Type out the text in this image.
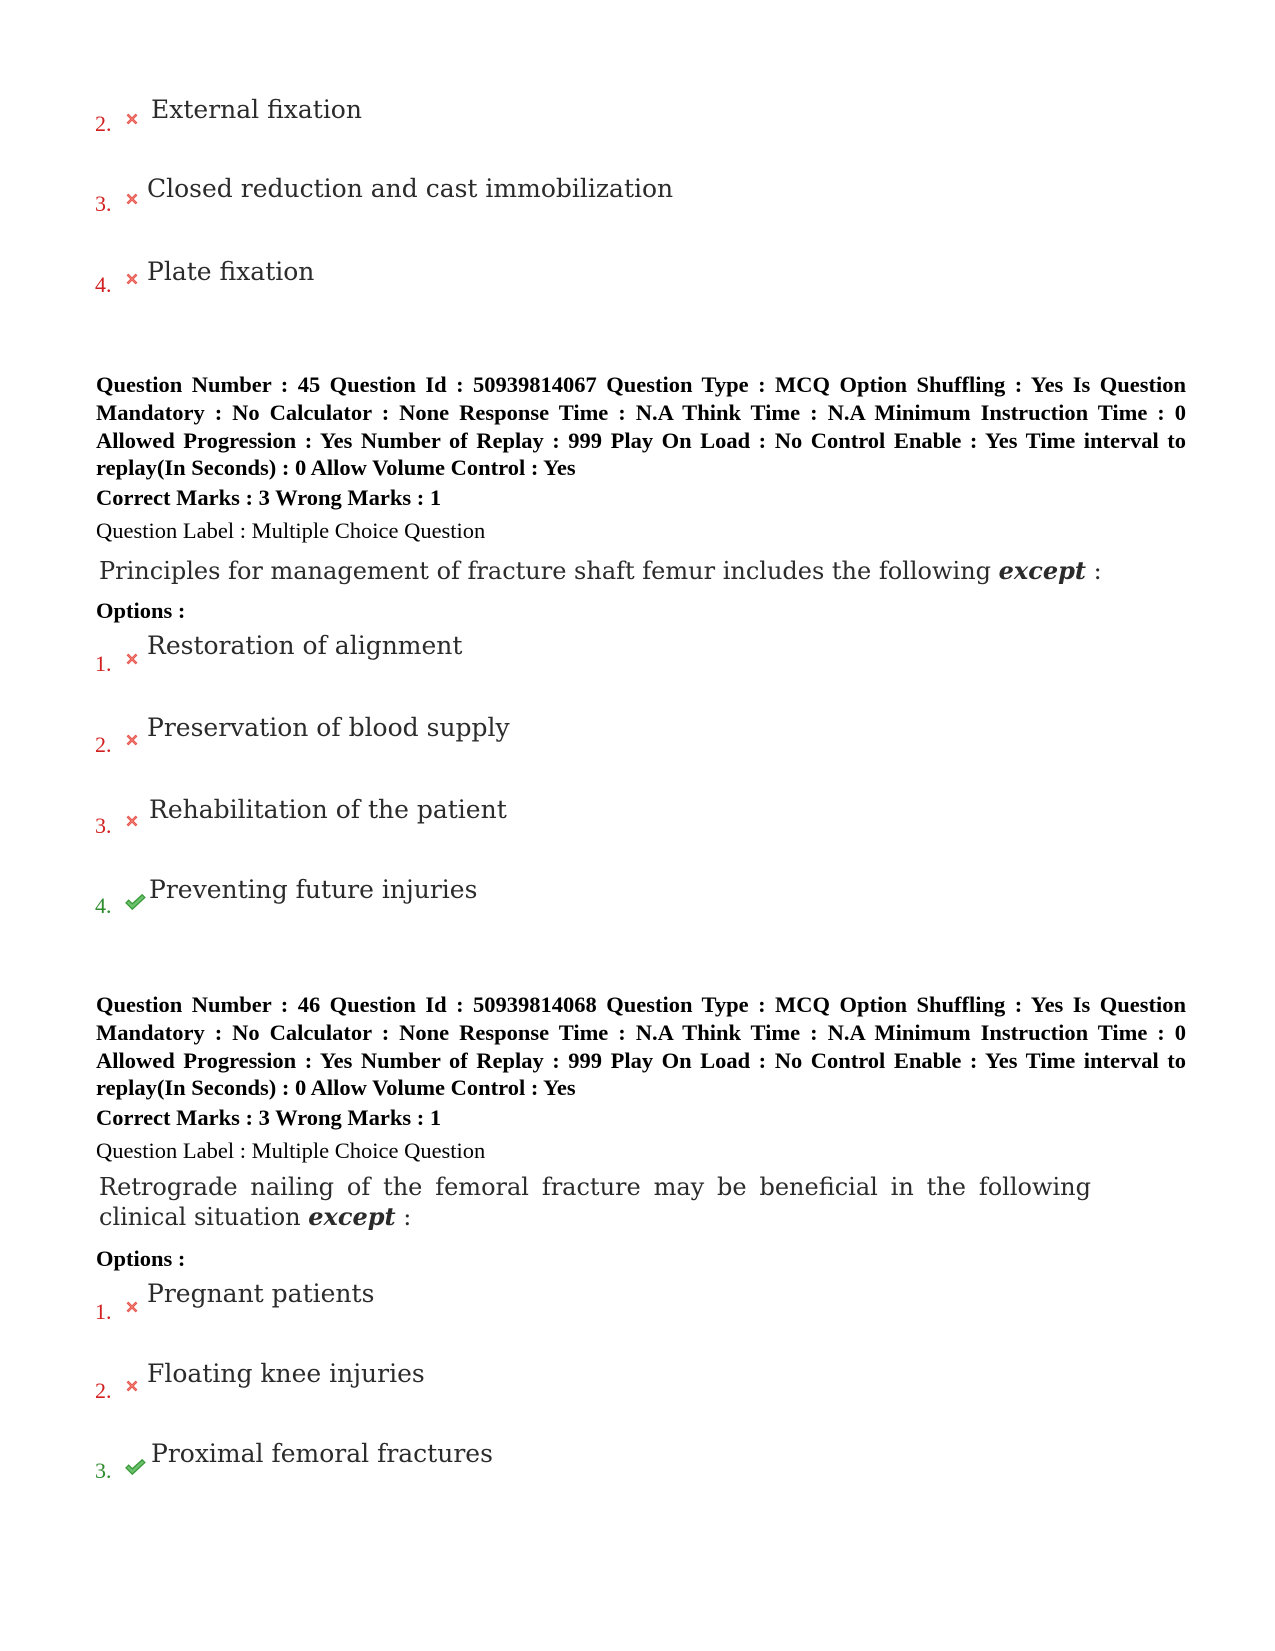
2. External fixation
3.
Closed reduction and cast immobilization
4. Plate fixation
Question Number : 45 Question Id : 50939814067 Question Type : MCQ Option Shuffling : Yes Is Question Mandatory : No Calculator : None Response Time : N.A Think Time : N.A Minimum Instruction Time : 0 Allowed Progression : Yes Number of Replay : 999 Play On Load : No Control Enable : Yes Time interval to replay(In Seconds) : 0 Allow Volume Control : Yes
Correct Marks : 3 Wrong Marks : 1
Question Label : Multiple Choice Question
Principles for management of fracture shaft femur includes the following except :
Options :
1.
Restoration of alignment
2.
Preservation of blood supply
3.
Rehabilitation of the patient
4.
Preventing future injuries
Question Number : 46 Question Id : 50939814068 Question Type : MCQ Option Shuffling : Yes Is Question Mandatory : No Calculator : None Response Time : N.A Think Time : N.A Minimum Instruction Time : 0 Allowed Progression : Yes Number of Replay : 999 Play On Load : No Control Enable : Yes Time interval to replay(In Seconds) : 0 Allow Volume Control : Yes
Correct Marks : 3 Wrong Marks : 1
Question Label : Multiple Choice Question
Retrograde nailing of the femoral fracture may be beneficial in the following clinical situation except :
Options :
1.
Pregnant patients
2.
Floating knee injuries
3.
Proximal femoral fractures
